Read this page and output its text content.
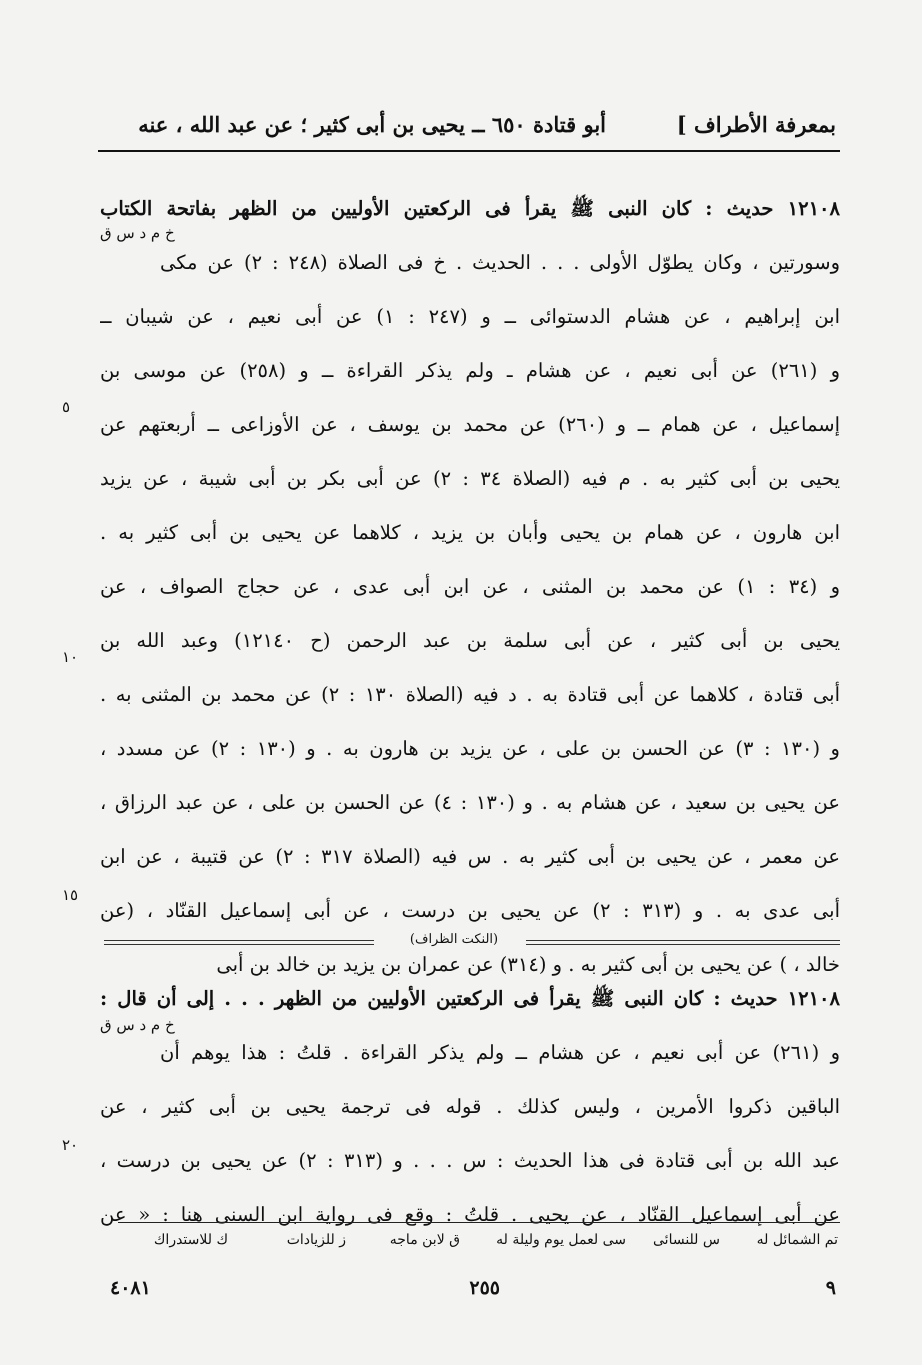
بمعرفة الأطراف ]
أبو قتادة ٦٥٠ ــ يحيى بن أبى كثير ؛ عن عبد الله ، عنه
١٢١٠٨ حديث : كان النبى ﷺ يقرأ فى الركعتين الأوليين من الظهر بفاتحة الكتاب
وسورتين ، وكان يطوّل الأولى . . . الحديث . خ فى الصلاة (٢٤٨ : ٢) عن مكى
ابن إبراهيم ، عن هشام الدستوائى ــ و (٢٤٧ : ١) عن أبى نعيم ، عن شيبان ــ
و (٢٦١) عن أبى نعيم ، عن هشام ـ ولم يذكر القراءة ــ و (٢٥٨) عن موسى بن
إسماعيل ، عن همام ــ و (٢٦٠) عن محمد بن يوسف ، عن الأوزاعى ــ أربعتهم عن
يحيى بن أبى كثير به . م فيه (الصلاة ٣٤ : ٢) عن أبى بكر بن أبى شيبة ، عن يزيد
ابن هارون ، عن همام بن يحيى وأبان بن يزيد ، كلاهما عن يحيى بن أبى كثير به .
و (٣٤ : ١) عن محمد بن المثنى ، عن ابن أبى عدى ، عن حجاج الصواف ، عن
يحيى بن أبى كثير ، عن أبى سلمة بن عبد الرحمن (ح ١٢١٤٠) وعبد الله بن
أبى قتادة ، كلاهما عن أبى قتادة به . د فيه (الصلاة ١٣٠ : ٢) عن محمد بن المثنى به .
و (١٣٠ : ٣) عن الحسن بن على ، عن يزيد بن هارون به . و (١٣٠ : ٢) عن مسدد ،
عن يحيى بن سعيد ، عن هشام به . و (١٣٠ : ٤) عن الحسن بن على ، عن عبد الرزاق ،
عن معمر ، عن يحيى بن أبى كثير به . س فيه (الصلاة ٣١٧ : ٢) عن قتيبة ، عن ابن
أبى عدى به . و (٣١٣ : ٢) عن يحيى بن درست ، عن أبى إسماعيل القنّاد ، (عن
خالد ، ) عن يحيى بن أبى كثير به . و (٣١٤) عن عمران بن يزيد بن خالد بن أبى
خ م د س ق
٥
١٠
١٥
(النكت الظراف)
١٢١٠٨ حديث : كان النبى ﷺ يقرأ فى الركعتين الأوليين من الظهر . . . إلى أن قال :
و (٢٦١) عن أبى نعيم ، عن هشام ــ ولم يذكر القراءة . قلتُ : هذا يوهم أن
الباقين ذكروا الأمرين ، وليس كذلك . قوله فى ترجمة يحيى بن أبى كثير ، عن
عبد الله بن أبى قتادة فى هذا الحديث : س . . . و (٣١٣ : ٢) عن يحيى بن درست ،
عن أبى إسماعيل القنّاد ، عن يحيى . قلتُ : وقع فى رواية ابن السنى هنا : « عن
خ م د س ق
٢٠
تم الشمائل له
س للنسائى
سى لعمل يوم وليلة له
ق لابن ماجه
ز للزيادات
ك للاستدراك
٩
٢٥٥
٤٠٨١
